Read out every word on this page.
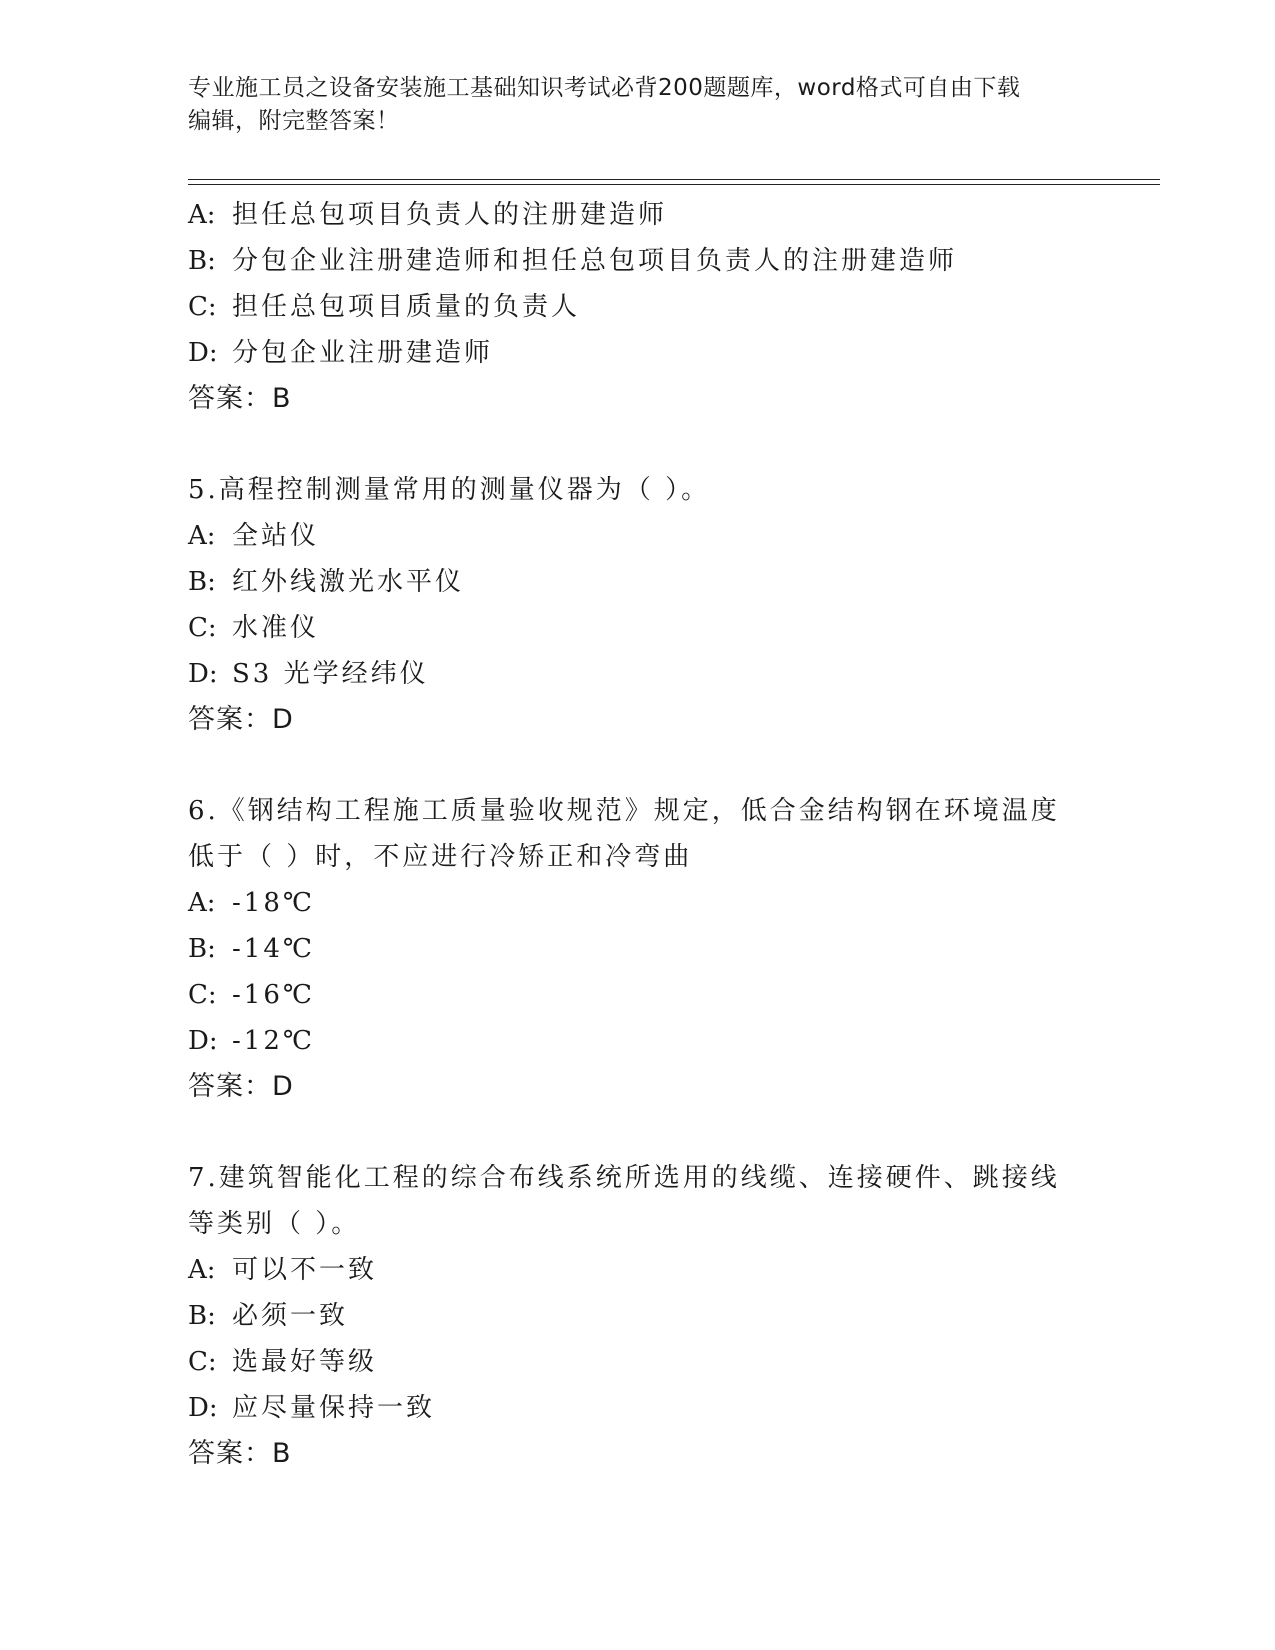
专业施工员之设备安装施工基础知识考试必背200题题库，word格式可自由下载
编辑，附完整答案！
A: 担任总包项目负责人的注册建造师
B: 分包企业注册建造师和担任总包项目负责人的注册建造师
C: 担任总包项目质量的负责人
D: 分包企业注册建造师
答案：B
5.高程控制测量常用的测量仪器为（ ）。
A: 全站仪
B: 红外线激光水平仪
C: 水准仪
D: S3 光学经纬仪
答案：D
6.《钢结构工程施工质量验收规范》规定，低合金结构钢在环境温度
低于（ ）时，不应进行冷矫正和冷弯曲
A: -18℃
B: -14℃
C: -16℃
D: -12℃
答案：D
7.建筑智能化工程的综合布线系统所选用的线缆、连接硬件、跳接线
等类别（ ）。
A: 可以不一致
B: 必须一致
C: 选最好等级
D: 应尽量保持一致
答案：B
